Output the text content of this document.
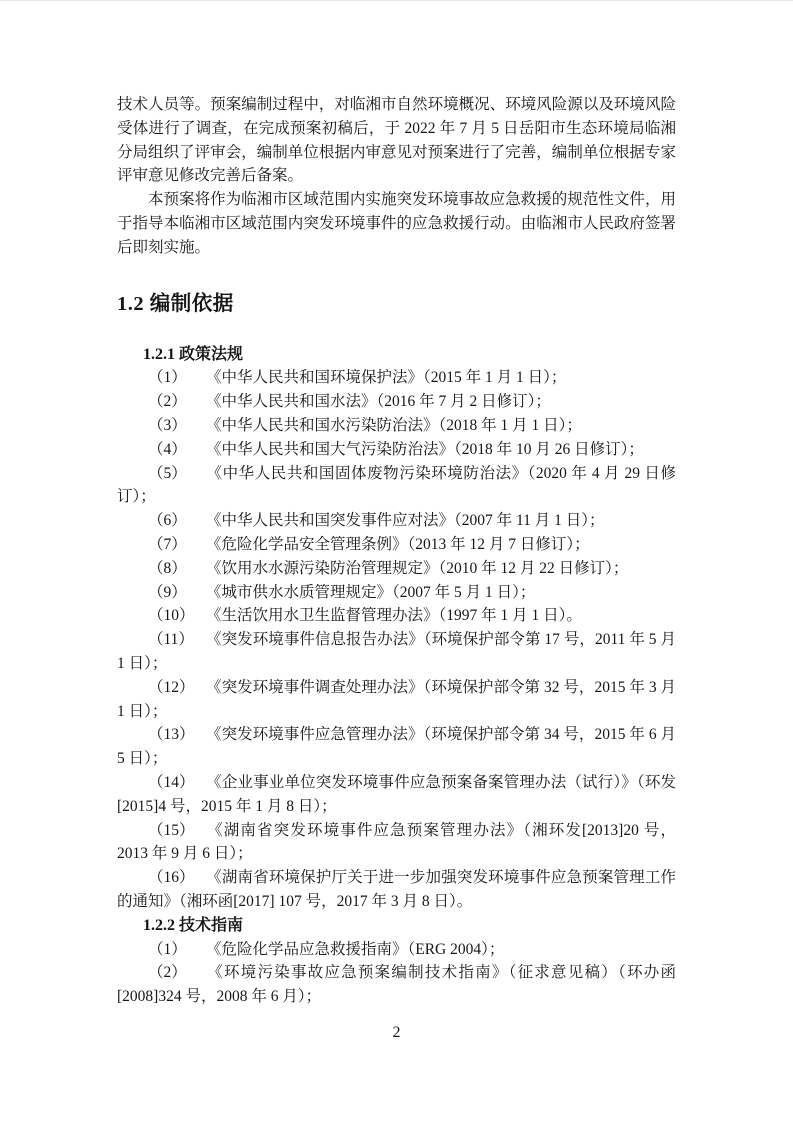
技术人员等。预案编制过程中，对临湘市自然环境概况、环境风险源以及环境风险受体进行了调查，在完成预案初稿后，于 2022 年 7 月 5 日岳阳市生态环境局临湘分局组织了评审会，编制单位根据内审意见对预案进行了完善，编制单位根据专家评审意见修改完善后备案。

本预案将作为临湘市区域范围内实施突发环境事故应急救援的规范性文件，用于指导本临湘市区域范围内突发环境事件的应急救援行动。由临湘市人民政府签署后即刻实施。

1.2 编制依据
1.2.1 政策法规

（1） 《中华人民共和国环境保护法》（2015 年 1 月 1 日）；

（2） 《中华人民共和国水法》（2016 年 7 月 2 日修订）；

（3） 《中华人民共和国水污染防治法》（2018 年 1 月 1 日）；

（4） 《中华人民共和国大气污染防治法》（2018 年 10 月 26 日修订）；

（5） 《中华人民共和国固体废物污染环境防治法》（2020 年 4 月 29 日修订）；

（6） 《中华人民共和国突发事件应对法》（2007 年 11 月 1 日）；

（7） 《危险化学品安全管理条例》（2013 年 12 月 7 日修订）；

（8） 《饮用水水源污染防治管理规定》（2010 年 12 月 22 日修订）；

（9） 《城市供水水质管理规定》（2007 年 5 月 1 日）；

（10） 《生活饮用水卫生监督管理办法》（1997 年 1 月 1 日）。

（11） 《突发环境事件信息报告办法》（环境保护部令第 17 号，2011 年 5 月 1 日）；

（12） 《突发环境事件调查处理办法》（环境保护部令第 32 号，2015 年 3 月 1 日）；

（13） 《突发环境事件应急管理办法》（环境保护部令第 34 号，2015 年 6 月 5 日）；

（14） 《企业事业单位突发环境事件应急预案备案管理办法（试行）》（环发[2015]4 号，2015 年 1 月 8 日）；

（15） 《湖南省突发环境事件应急预案管理办法》（湘环发[2013]20 号，2013 年 9 月 6 日）；

（16） 《湖南省环境保护厅关于进一步加强突发环境事件应急预案管理工作的通知》（湘环函[2017] 107 号，2017 年 3 月 8 日）。

1.2.2 技术指南

（1） 《危险化学品应急救援指南》（ERG 2004）；

（2） 《环境污染事故应急预案编制技术指南》（征求意见稿）（环办函[2008]324 号，2008 年 6 月）；

2
